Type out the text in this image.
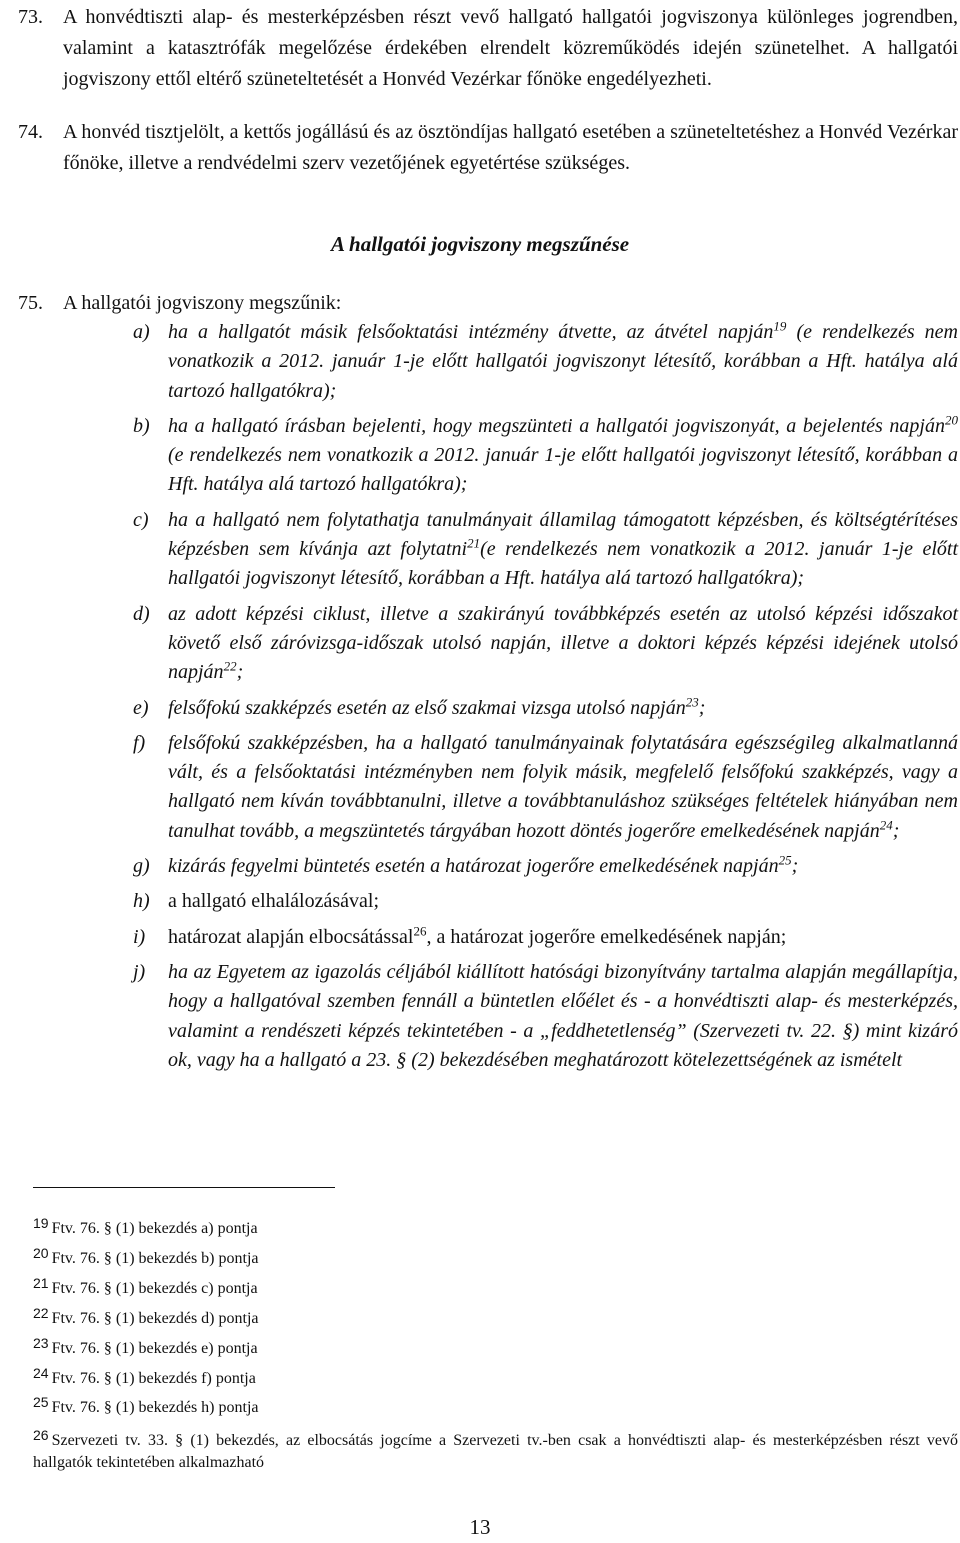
73. A honvédtiszti alap- és mesterképzésben részt vevő hallgató hallgatói jogviszonya különleges jogrendben, valamint a katasztrófák megelőzése érdekében elrendelt közreműködés idején szünetelhet. A hallgatói jogviszony ettől eltérő szüneteltetését a Honvéd Vezérkar főnöke engedélyezheti.
74. A honvéd tisztjelölt, a kettős jogállású és az ösztöndíjas hallgató esetében a szüneteltetéshez a Honvéd Vezérkar főnöke, illetve a rendvédelmi szerv vezetőjének egyetértése szükséges.
A hallgatói jogviszony megszűnése
75. A hallgatói jogviszony megszűnik:
a) ha a hallgatót másik felsőoktatási intézmény átvette, az átvétel napján$^{19}$ (e rendelkezés nem vonatkozik a 2012. január 1-je előtt hallgatói jogviszonyt létesítő, korábban a Hft. hatálya alá tartozó hallgatókra);
b) ha a hallgató írásban bejelenti, hogy megszünteti a hallgatói jogviszonyát, a bejelentés napján$^{20}$ (e rendelkezés nem vonatkozik a 2012. január 1-je előtt hallgatói jogviszonyt létesítő, korábban a Hft. hatálya alá tartozó hallgatókra);
c) ha a hallgató nem folytathatja tanulmányait államilag támogatott képzésben, és költségtérítéses képzésben sem kívánja azt folytatni$^{21}$(e rendelkezés nem vonatkozik a 2012. január 1-je előtt hallgatói jogviszonyt létesítő, korábban a Hft. hatálya alá tartozó hallgatókra);
d) az adott képzési ciklust, illetve a szakirányú továbbképzés esetén az utolsó képzési időszakot követő első záróvizsga-időszak utolsó napján, illetve a doktori képzés képzési idejének utolsó napján$^{22}$;
e) felsőfokú szakképzés esetén az első szakmai vizsga utolsó napján$^{23}$;
f) felsőfokú szakképzésben, ha a hallgató tanulmányainak folytatására egészségileg alkalmatlanná vált, és a felsőoktatási intézményben nem folyik másik, megfelelő felsőfokú szakképzés, vagy a hallgató nem kíván továbbtanulni, illetve a továbbtanuláshoz szükséges feltételek hiányában nem tanulhat tovább, a megszüntetés tárgyában hozott döntés jogerőre emelkedésének napján$^{24}$;
g) kizárás fegyelmi büntetés esetén a határozat jogerőre emelkedésének napján$^{25}$;
h) a hallgató elhalálozásával;
i) határozat alapján elbocsátással$^{26}$, a határozat jogerőre emelkedésének napján;
j) ha az Egyetem az igazolás céljából kiállított hatósági bizonyítvány tartalma alapján megállapítja, hogy a hallgatóval szemben fennáll a büntetlen előélet és - a honvédtiszti alap- és mesterképzés, valamint a rendészeti képzés tekintetében - a „feddhetetlenség” (Szervezeti tv. 22. §) mint kizáró ok, vagy ha a hallgató a 23. § (2) bekezdésében meghatározott kötelezettségének az ismételt
19 Ftv. 76. § (1) bekezdés a) pontja
20 Ftv. 76. § (1) bekezdés b) pontja
21 Ftv. 76. § (1) bekezdés c) pontja
22 Ftv. 76. § (1) bekezdés d) pontja
23 Ftv. 76. § (1) bekezdés e) pontja
24 Ftv. 76. § (1) bekezdés f) pontja
25 Ftv. 76. § (1) bekezdés h) pontja
26 Szervezeti tv. 33. § (1) bekezdés, az elbocsátás jogcíme a Szervezeti tv.-ben csak a honvédtiszti alap- és mesterképzésben részt vevő hallgatók tekintetében alkalmazható
13
